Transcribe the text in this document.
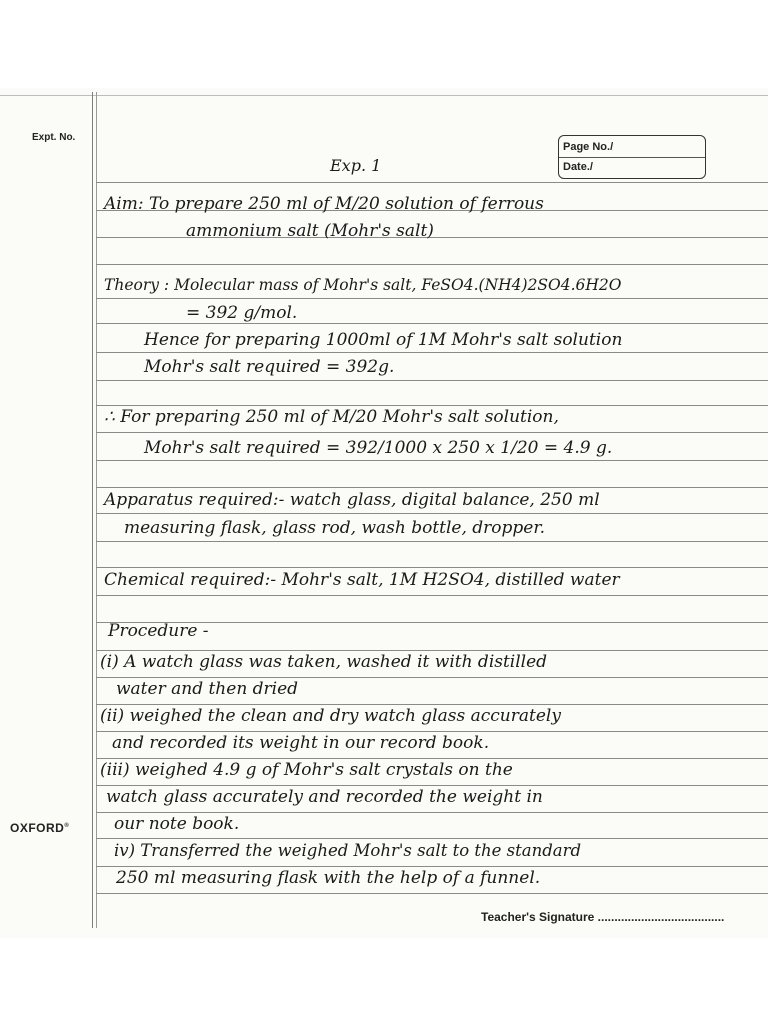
Expt. No.
Page No./
Date./
Exp. 1
Aim: To prepare 250 ml of M/20 solution of ferrous
ammonium salt (Mohr's salt)
Theory : Molecular mass of Mohr's salt, FeSO4.(NH4)2SO4.6H2O
= 392 g/mol.
Hence for preparing 1000ml of 1M Mohr's salt solution
Mohr's salt required = 392g.
∴ For preparing 250 ml of M/20 Mohr's salt solution,
Mohr's salt required = 392/1000 x 250 x 1/20 = 4.9 g.
Apparatus required:- watch glass, digital balance, 250 ml
measuring flask, glass rod, wash bottle, dropper.
Chemical required:- Mohr's salt, 1M H2SO4, distilled water
Procedure -
(i) A watch glass was taken, washed it with distilled
water and then dried
(ii) weighed the clean and dry watch glass accurately
and recorded its weight in our record book.
(iii) weighed 4.9 g of Mohr's salt crystals on the
watch glass accurately and recorded the weight in
our note book.
iv) Transferred the weighed Mohr's salt to the standard
250 ml measuring flask with the help of a funnel.
OXFORD®
Teacher's Signature ......................................
